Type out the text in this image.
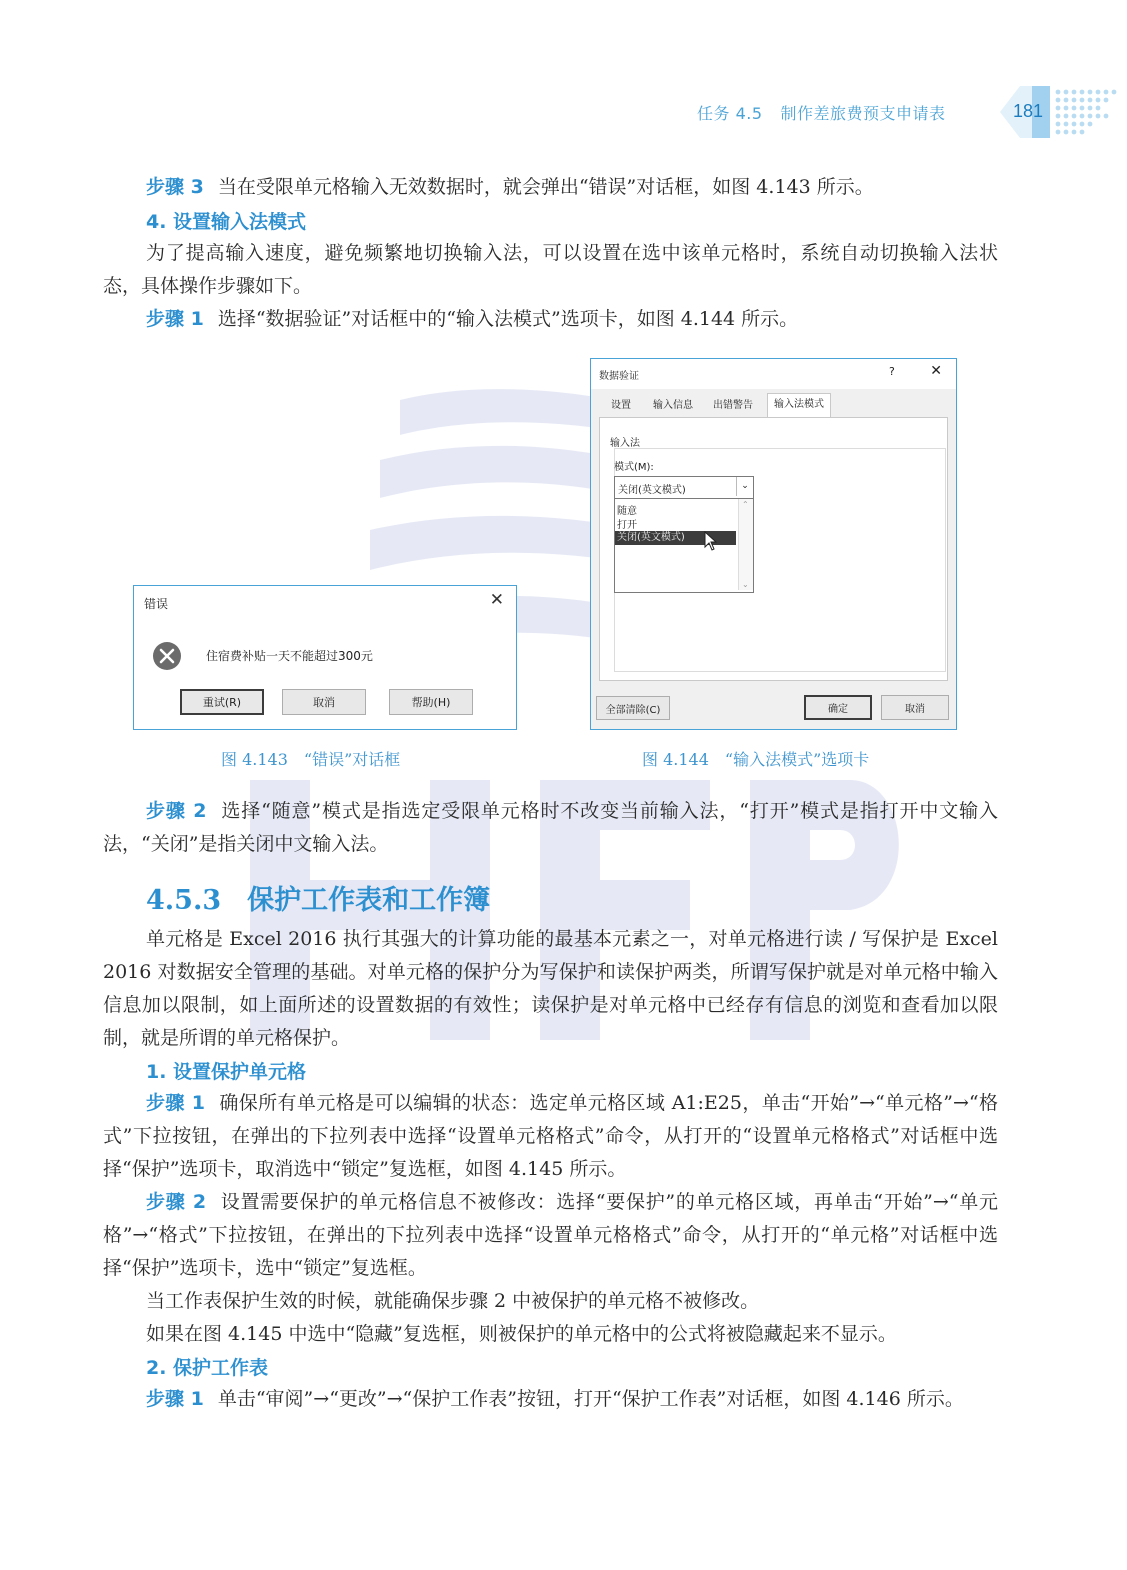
任务 4.5 制作差旅费预支申请表	181
步骤 3 当在受限单元格输入无效数据时，就会弹出“错误”对话框，如图 4.143 所示。
4. 设置输入法模式
为了提高输入速度，避免频繁地切换输入法，可以设置在选中该单元格时，系统自动切换输入法状态，具体操作步骤如下。
步骤 1 选择“数据验证”对话框中的“输入法模式”选项卡，如图 4.144 所示。
错误	✕
住宿费补贴一天不能超过300元
重试(R)	取消	帮助(H)
图 4.143　“错误”对话框
数据验证	?	✕
设置	输入信息	出错警告	输入法模式
输入法
模式(M):
关闭(英文模式)	⌄
随意
打开
关闭(英文模式)
⌃
⌄
全部清除(C)	确定	取消
图 4.144　“输入法模式”选项卡
步骤 2 选择“随意”模式是指选定受限单元格时不改变当前输入法，“打开”模式是指打开中文输入法，“关闭”是指关闭中文输入法。
4.5.3 保护工作表和工作簿
单元格是 Excel 2016 执行其强大的计算功能的最基本元素之一，对单元格进行读 / 写保护是 Excel 2016 对数据安全管理的基础。对单元格的保护分为写保护和读保护两类，所谓写保护就是对单元格中输入信息加以限制，如上面所述的设置数据的有效性；读保护是对单元格中已经存有信息的浏览和查看加以限制，就是所谓的单元格保护。
1. 设置保护单元格
步骤 1 确保所有单元格是可以编辑的状态：选定单元格区域 A1:E25，单击“开始”→“单元格”→“格式”下拉按钮，在弹出的下拉列表中选择“设置单元格格式”命令，从打开的“设置单元格格式”对话框中选择“保护”选项卡，取消选中“锁定”复选框，如图 4.145 所示。
步骤 2 设置需要保护的单元格信息不被修改：选择“要保护”的单元格区域，再单击“开始”→“单元格”→“格式”下拉按钮，在弹出的下拉列表中选择“设置单元格格式”命令，从打开的“单元格”对话框中选择“保护”选项卡，选中“锁定”复选框。
当工作表保护生效的时候，就能确保步骤 2 中被保护的单元格不被修改。
如果在图 4.145 中选中“隐藏”复选框，则被保护的单元格中的公式将被隐藏起来不显示。
2. 保护工作表
步骤 1 单击“审阅”→“更改”→“保护工作表”按钮，打开“保护工作表”对话框，如图 4.146 所示。
